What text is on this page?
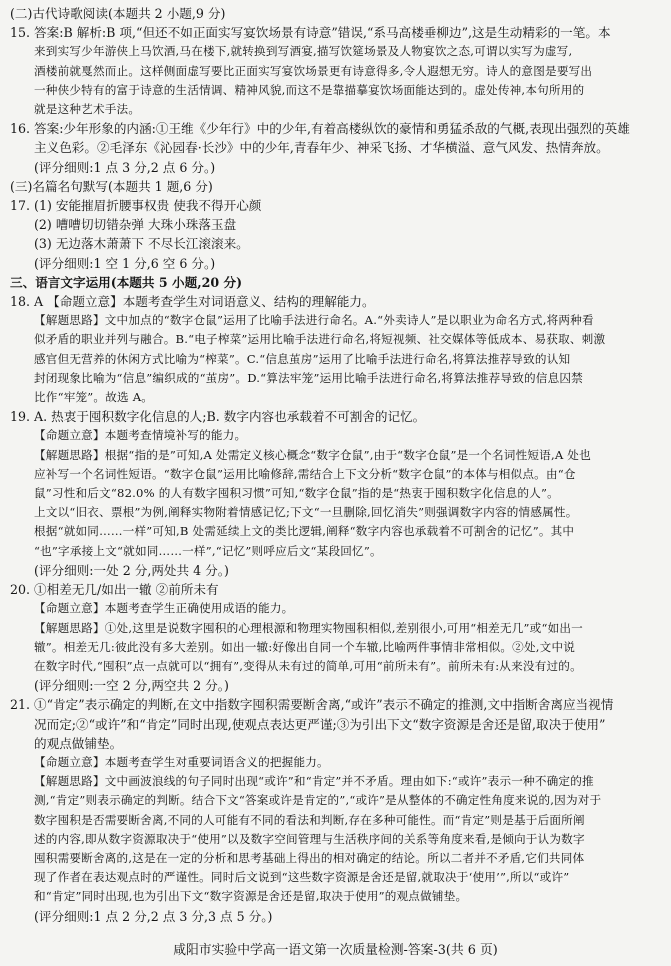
(二)古代诗歌阅读(本题共 2 小题,9 分)
15. 答案:B 解析:B 项,“但还不如正面实写宴饮场景有诗意”错误,“系马高楼垂柳边”,这是生动精彩的一笔。本
来到实写少年游侠上马饮酒,马在楼下,就转换到写酒宴,描写饮筵场景及人物宴饮之态,可谓以实写为虚写,
酒楼前就戛然而止。这样侧面虚写要比正面实写宴饮场景更有诗意得多,令人遐想无穷。诗人的意图是要写出
一种侠少特有的富于诗意的生活情调、精神风貌,而这不是靠描摹宴饮场面能达到的。虚处传神,本句所用的
就是这种艺术手法。
16. 答案:少年形象的内涵:①王维《少年行》中的少年,有着高楼纵饮的豪情和勇猛杀敌的气概,表现出强烈的英雄
主义色彩。②毛泽东《沁园春·长沙》中的少年,青春年少、神采飞扬、才华横溢、意气风发、热情奔放。
(评分细则:1 点 3 分,2 点 6 分。)
(三)名篇名句默写(本题共 1 题,6 分)
17. (1) 安能摧眉折腰事权贵 使我不得开心颜
(2) 嘈嘈切切错杂弹 大珠小珠落玉盘
(3) 无边落木萧萧下 不尽长江滚滚来。
(评分细则:1 空 1 分,6 空 6 分。)
三、语言文字运用(本题共 5 小题,20 分)
18. A 【命题立意】本题考查学生对词语意义、结构的理解能力。
【解题思路】文中加点的“数字仓鼠”运用了比喻手法进行命名。A.“外卖诗人”是以职业为命名方式,将两种看
似矛盾的职业并列与融合。B.“电子榨菜”运用比喻手法进行命名,将短视频、社交媒体等低成本、易获取、刺激
感官但无营养的休闲方式比喻为“榨菜”。C.“信息茧房”运用了比喻手法进行命名,将算法推荐导致的认知
封闭现象比喻为“信息”编织成的“茧房”。D.“算法牢笼”运用比喻手法进行命名,将算法推荐导致的信息囚禁
比作“牢笼”。故选 A。
19. A. 热衷于囤积数字化信息的人;B. 数字内容也承载着不可割舍的记忆。
【命题立意】本题考查情境补写的能力。
【解题思路】根据“指的是”可知,A 处需定义核心概念“数字仓鼠”,由于“数字仓鼠”是一个名词性短语,A 处也
应补写一个名词性短语。“数字仓鼠”运用比喻修辞,需结合上下文分析“数字仓鼠”的本体与相似点。由“仓
鼠”习性和后文“82.0% 的人有数字囤积习惯”可知,“数字仓鼠”指的是“热衷于囤积数字化信息的人”。
上文以“旧衣、票根”为例,阐释实物附着情感记忆;下文“一旦删除,回忆消失”则强调数字内容的情感属性。
根据“就如同……一样”可知,B 处需延续上文的类比逻辑,阐释“数字内容也承载着不可割舍的记忆”。其中
“也”字承接上文“就如同……一样”,“记忆”则呼应后文“某段回忆”。
(评分细则:一处 2 分,两处共 4 分。)
20. ①相差无几/如出一辙 ②前所未有
【命题立意】本题考查学生正确使用成语的能力。
【解题思路】①处,这里是说数字囤积的心理根源和物理实物囤积相似,差别很小,可用“相差无几”或“如出一
辙”。相差无几:彼此没有多大差别。如出一辙:好像出自同一个车辙,比喻两件事情非常相似。②处,文中说
在数字时代,“囤积”点一点就可以“拥有”,变得从未有过的简单,可用“前所未有”。前所未有:从来没有过的。
(评分细则:一空 2 分,两空共 2 分。)
21. ①“肯定”表示确定的判断,在文中指数字囤积需要断舍离,“或许”表示不确定的推测,文中指断舍离应当视情
况而定;②“或许”和“肯定”同时出现,使观点表达更严谨;③为引出下文“数字资源是舍还是留,取决于使用”
的观点做铺垫。
【命题立意】本题考查学生对重要词语含义的把握能力。
【解题思路】文中画波浪线的句子同时出现“或许”和“肯定”并不矛盾。理由如下:“或许”表示一种不确定的推
测,“肯定”则表示确定的判断。结合下文“答案或许是肯定的”,“或许”是从整体的不确定性角度来说的,因为对于
数字囤积是否需要断舍离,不同的人可能有不同的看法和判断,存在多种可能性。而“肯定”则是基于后面所阐
述的内容,即从数字资源取决于“使用”以及数字空间管理与生活秩序间的关系等角度来看,是倾向于认为数字
囤积需要断舍离的,这是在一定的分析和思考基础上得出的相对确定的结论。所以二者并不矛盾,它们共同体
现了作者在表达观点时的严谨性。同时后文说到“这些数字资源是舍还是留,就取决于‘使用’”,所以“或许”
和“肯定”同时出现,也为引出下文“数字资源是舍还是留,取决于使用”的观点做铺垫。
(评分细则:1 点 2 分,2 点 3 分,3 点 5 分。)
咸阳市实验中学高一语文第一次质量检测-答案-3(共 6 页)
